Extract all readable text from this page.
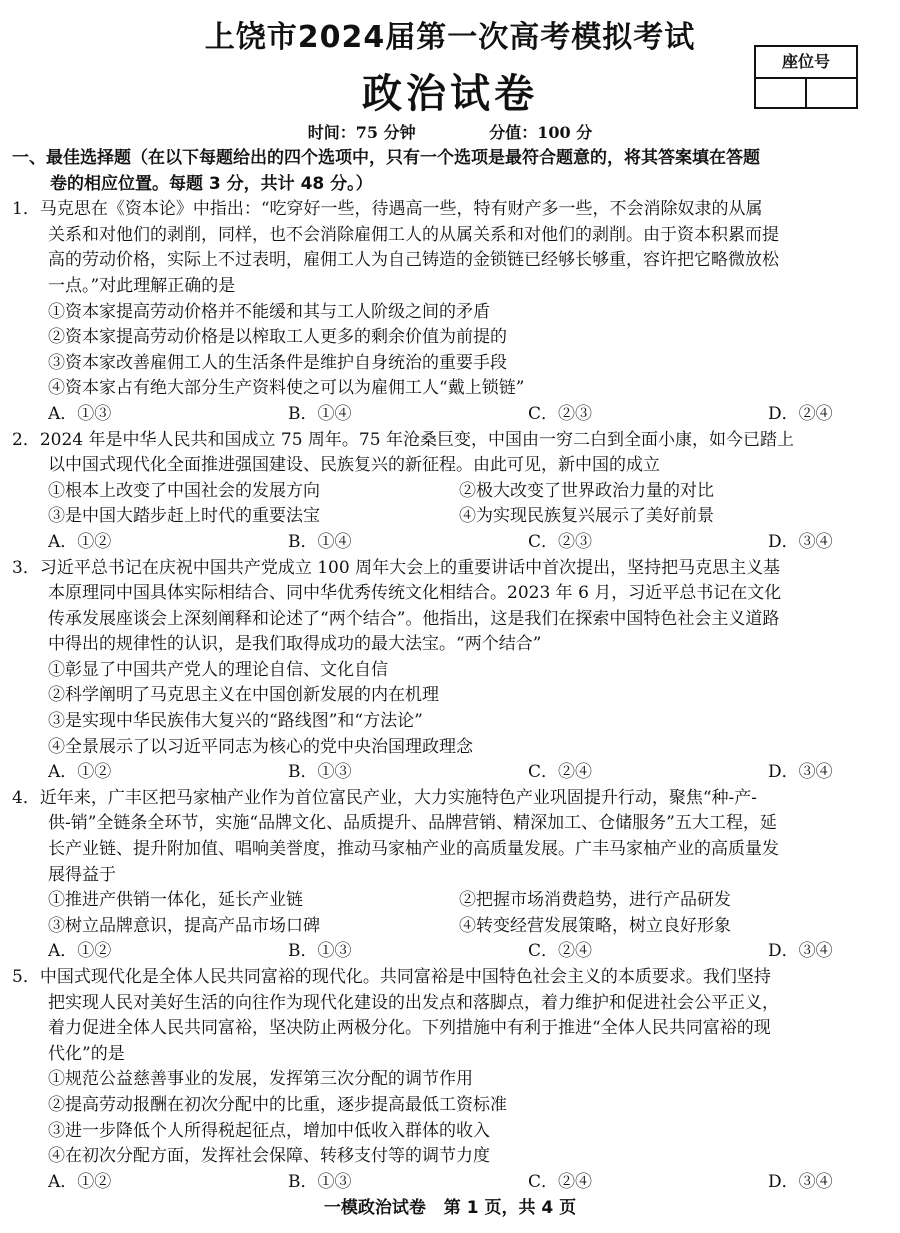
上饶市2024届第一次高考模拟考试
政治试卷
座位号
时间：75 分钟	分值：100 分

一、最佳选择题（在以下每题给出的四个选项中，只有一个选项是最符合题意的，将其答案填在答题

卷的相应位置。每题 3 分，共计 48 分。）

1．马克思在《资本论》中指出：“吃穿好一些，待遇高一些，特有财产多一些，不会消除奴隶的从属

关系和对他们的剥削，同样，也不会消除雇佣工人的从属关系和对他们的剥削。由于资本积累而提

高的劳动价格，实际上不过表明，雇佣工人为自己铸造的金锁链已经够长够重，容许把它略微放松

一点。”对此理解正确的是

①资本家提高劳动价格并不能缓和其与工人阶级之间的矛盾

②资本家提高劳动价格是以榨取工人更多的剩余价值为前提的

③资本家改善雇佣工人的生活条件是维护自身统治的重要手段

④资本家占有绝大部分生产资料使之可以为雇佣工人“戴上锁链”

A．①③	B．①④	C．②③	D．②④

2．2024 年是中华人民共和国成立 75 周年。75 年沧桑巨变，中国由一穷二白到全面小康，如今已踏上

以中国式现代化全面推进强国建设、民族复兴的新征程。由此可见，新中国的成立

①根本上改变了中国社会的发展方向	②极大改变了世界政治力量的对比

③是中国大踏步赶上时代的重要法宝	④为实现民族复兴展示了美好前景

A．①②	B．①④	C．②③	D．③④

3．习近平总书记在庆祝中国共产党成立 100 周年大会上的重要讲话中首次提出，坚持把马克思主义基

本原理同中国具体实际相结合、同中华优秀传统文化相结合。2023 年 6 月，习近平总书记在文化

传承发展座谈会上深刻阐释和论述了“两个结合”。他指出，这是我们在探索中国特色社会主义道路

中得出的规律性的认识，是我们取得成功的最大法宝。“两个结合”

①彰显了中国共产党人的理论自信、文化自信

②科学阐明了马克思主义在中国创新发展的内在机理

③是实现中华民族伟大复兴的“路线图”和“方法论”

④全景展示了以习近平同志为核心的党中央治国理政理念

A．①②	B．①③	C．②④	D．③④

4．近年来，广丰区把马家柚产业作为首位富民产业，大力实施特色产业巩固提升行动，聚焦“种-产-

供-销”全链条全环节，实施“品牌文化、品质提升、品牌营销、精深加工、仓储服务”五大工程，延

长产业链、提升附加值、唱响美誉度，推动马家柚产业的高质量发展。广丰马家柚产业的高质量发

展得益于

①推进产供销一体化，延长产业链	②把握市场消费趋势，进行产品研发

③树立品牌意识，提高产品市场口碑	④转变经营发展策略，树立良好形象

A．①②	B．①③	C．②④	D．③④

5．中国式现代化是全体人民共同富裕的现代化。共同富裕是中国特色社会主义的本质要求。我们坚持

把实现人民对美好生活的向往作为现代化建设的出发点和落脚点，着力维护和促进社会公平正义，

着力促进全体人民共同富裕，坚决防止两极分化。下列措施中有利于推进“全体人民共同富裕的现

代化”的是

①规范公益慈善事业的发展，发挥第三次分配的调节作用

②提高劳动报酬在初次分配中的比重，逐步提高最低工资标准

③进一步降低个人所得税起征点，增加中低收入群体的收入

④在初次分配方面，发挥社会保障、转移支付等的调节力度

A．①②	B．①③	C．②④	D．③④

一模政治试卷 第 1 页，共 4 页
